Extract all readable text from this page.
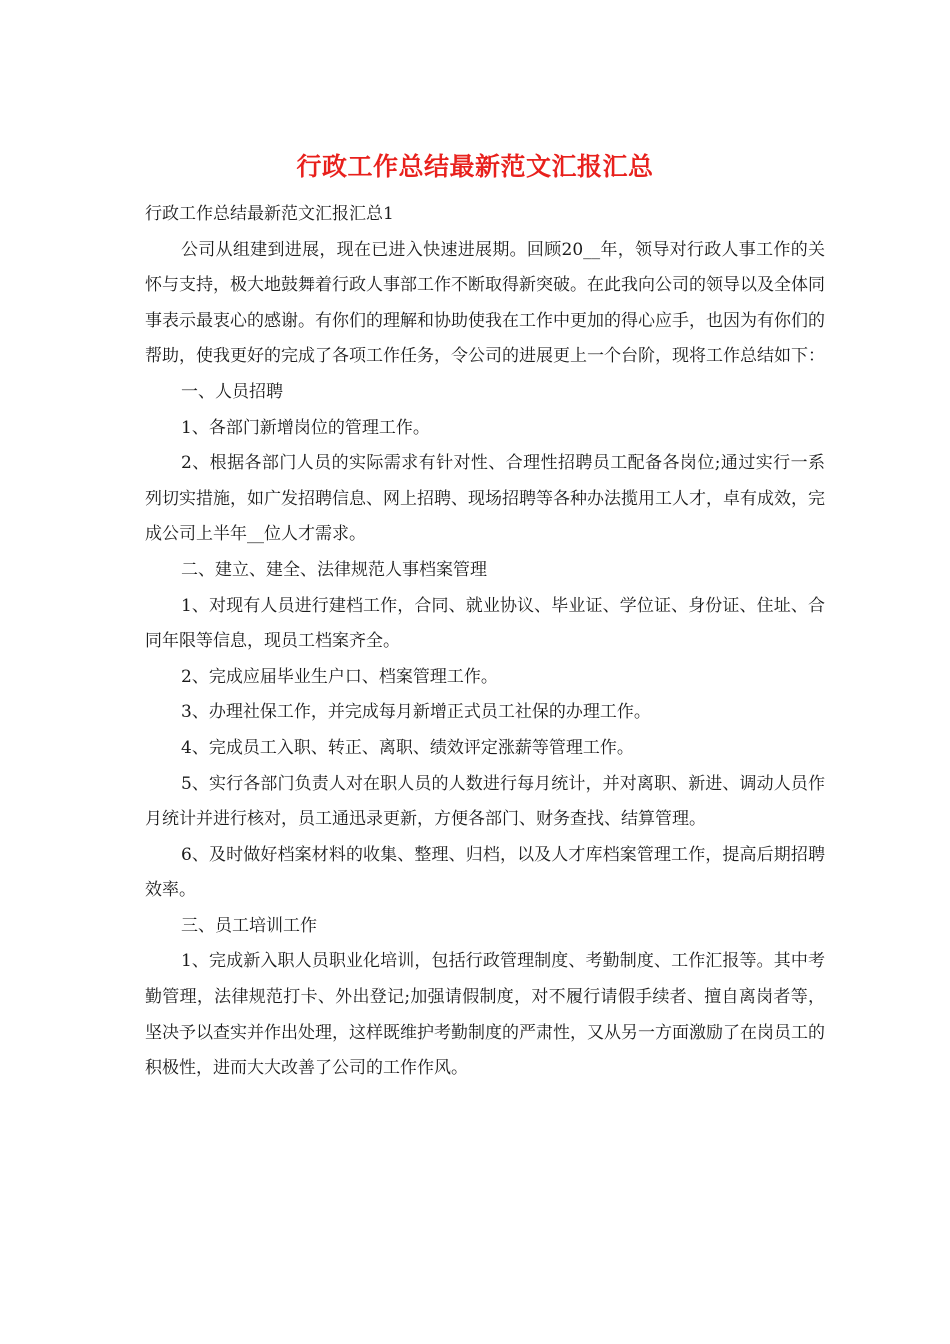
行政工作总结最新范文汇报汇总

行政工作总结最新范文汇报汇总1

公司从组建到进展，现在已进入快速进展期。回顾20__年，领导对行政人事工作的关怀与支持，极大地鼓舞着行政人事部工作不断取得新突破。在此我向公司的领导以及全体同事表示最衷心的感谢。有你们的理解和协助使我在工作中更加的得心应手，也因为有你们的帮助，使我更好的完成了各项工作任务，令公司的进展更上一个台阶，现将工作总结如下：

一、人员招聘

1、各部门新增岗位的管理工作。

2、根据各部门人员的实际需求有针对性、合理性招聘员工配备各岗位;通过实行一系列切实措施，如广发招聘信息、网上招聘、现场招聘等各种办法揽用工人才，卓有成效，完成公司上半年__位人才需求。

二、建立、建全、法律规范人事档案管理

1、对现有人员进行建档工作，合同、就业协议、毕业证、学位证、身份证、住址、合同年限等信息，现员工档案齐全。

2、完成应届毕业生户口、档案管理工作。

3、办理社保工作，并完成每月新增正式员工社保的办理工作。

4、完成员工入职、转正、离职、绩效评定涨薪等管理工作。

5、实行各部门负责人对在职人员的人数进行每月统计，并对离职、新进、调动人员作月统计并进行核对，员工通迅录更新，方便各部门、财务查找、结算管理。

6、及时做好档案材料的收集、整理、归档，以及人才库档案管理工作，提高后期招聘效率。

三、员工培训工作

1、完成新入职人员职业化培训，包括行政管理制度、考勤制度、工作汇报等。其中考勤管理，法律规范打卡、外出登记;加强请假制度，对不履行请假手续者、擅自离岗者等，坚决予以查实并作出处理，这样既维护考勤制度的严肃性，又从另一方面激励了在岗员工的积极性，进而大大改善了公司的工作作风。
